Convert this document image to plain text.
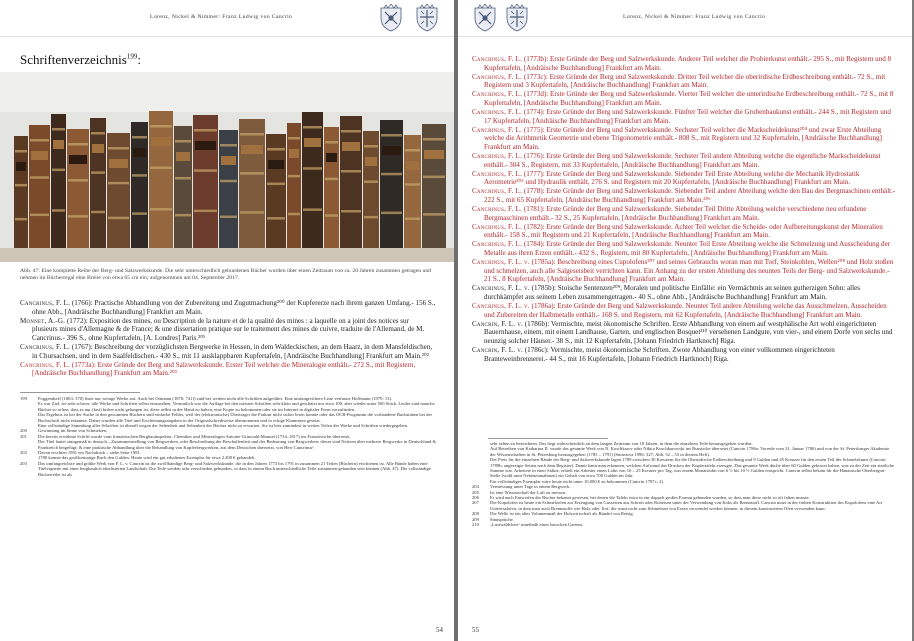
Lorenz, Nickel & Nimmer: Franz Ludwig von Cancrin
Schriftenverzeichnis$^{199}$:
Abb. 47: Eine komplette Reihe der Berg- und Salzwerkskunde. Die sehr unterschiedlich gebundenen Bücher wurden über einen Zeitraum von ca. 20 Jahren zusammen getragen und nehmen im Bücherregal eine Breite von etwa 65 cm ein; aufgenommen am 04. September 2017.

Cancrinus, F. L. (1766): Practische Abhandlung von der Zubereitung und Zugutmachung²⁰⁰ der Kupfererze nach ihrem ganzen Umfang.- 156 S., ohne Abb., [Andräische Buchhandlung] Frankfurt am Main.

Monnet, A.-G. (1772): Exposition des mines, ou Description de la nature et de la qualité des mines : a laquelle on a joint des notices sur plusieurs mines d'Allemagne & de France; & une dissertation pratique sur le traitement des mines de cuivre, traduite de l'Allemand, de M. Cancrinus.- 396 S., ohne Kupfertafeln, [A. Londres] Paris.²⁰¹

Cancrinus, F. L. (1767): Beschreibung der vorzüglichsten Bergwerke in Hessen, in dem Waldeckischen, an dem Haarz, in dem Mansfeldischen, in Chursachsen, und in dem Saalfeldischen.- 430 S., mit 11 ausklappbaren Kupfertafeln, [Andräische Buchhandlung] Frankfurt am Main.²⁰²

Cancrinus, F. L. (1773a): Erste Gründe der Berg und Salzwerkskunde. Erster Teil welcher die Mineralogie enthält.- 272 S., mit Registern, [Andräische Buchhandlung] Frankfurt am Main.²⁰³

199 Poggendorff (1863: 370) listet nur wenige Werke auf. Auch bei Ottmann (1876: 741f) sind bei weitem nicht alle Schriften aufgeführt. Eine umfangreichere Liste verfasste Hoffmann (1979: 13).
Es war Ziel, sie sehr schwer, alle Werke und Schriften selbst einzusehen. Vermutlich war die Auflage bei den meisten Schriften sehr klein und geschätzt nur etwa 100, aber wieder unter 500 Stück. Leider sind manche Bücher so selten, dass es nur (fast) bisher nicht gelungen ist, diese selbst in der Hand zu halten, eine Kopie zu bekommen oder sie im Internet in digitaler Form vorzufinden.
Das Ergebnis ist bei der Suche in den gescannten Büchern sind einfache Fehler, weil der (elektronische) Übertrager die Fraktur nicht sicher lesen konnte oder das OCR-Programm die vorhandene Buchstaben bei der Buchschrift nicht erkannte. Daher wurden alle Titel und Erscheinungsangaben in der Originalschreibweise übernommen und in eckige Klammern gesetzt.
Eine vollständige Sammlung aller Schriften ist überall wegen der Seltenheit und Seltenheit der Bücher nicht zu erwarten. Sie ist hier zumindest in weiten Teilen der Werke und Schriften wiedergegeben.
200 Gewinnung im Sinne von Schmelzen.
201 Die bereits erwähnte Schrift wurde vom französischen Bergbauinspektor, Chemiker und Mineralogen Antoine-Grimoald Monnet (1734–1817) ins Französische übersetzt.
Der Titel lautet sinngemäß in deutsch: „Zusammenstellung von Bergwerken, oder Beschreibung der Beschaffenheit und der Bedeutung von Bergwerken: dieser sind Notizen über mehrere Bergwerke in Deutschland & Frankreich beigefügt; & eine praktische Abhandlung über die Behandlung von Kupferbergwerken, aus dem Deutschen übersetzt, von Herr Cancrinus“.
202 Davon erschien 1981 ein Nachdruck – siehe Seite 1981.
1780 konnte das großformatige Buch den Gulden. Heute wird ein gut erhaltenes Exemplar für etwa 2.200 € gehandelt.
203 Das umfangreichste und größte Werk von F. L. v. Cancrin ist die zwölfbändige Berg- und Salzwerkskunde, die in den Jahren 1773 bis 1791 in zusammen 21 Teilen (Büchern) erschienen ist. Alle Bände haben eine Titelvignette mit einer bergbaulich idealisierten Landschaft. Die Teile werden sehr verschieden gebunden, so dass in einem Buch unterschiedliche Teile zusammen gebunden sein können (Abb. 47). Die vollständige Bücherreihe ist als
54
Lorenz, Nickel & Nimmer: Franz Ludwig von Cancrin

Cancrinus, F. L. (1773b): Erste Gründe der Berg und Salzwerkskunde. Anderer Teil welcher die Probierkunst enthält.- 295 S., mit Registern und 8 Kupfertafeln, [Andräische Buchhandlung] Frankfurt am Main.

Cancrinus, F. L. (1773c): Erste Gründe der Berg und Salzwerkskunde. Dritter Teil welcher die oberirdische Erdbeschreibung enthält.- 72 S., mit Registern und 3 Kupfertafeln, [Andräische Buchhandlung] Frankfurt am Main.

Cancrinus, F. L. (1773d): Erste Gründe der Berg und Salzwerkskunde. Vierter Teil welcher die unterirdische Erdbeschreibung enthält.- 72 S., mit 8 Kupfertafeln, [Andräische Buchhandlung] Frankfurt am Main.

Cancrinus, F. L. (1774): Erste Gründe der Berg und Salzwerkskunde. Fünfter Teil welcher die Grubenbaukunst enthält.- 244 S., mit Registern und 17 Kupfertafeln, [Andräische Buchhandlung] Frankfurt am Main.

Cancrinus, F. L. (1775): Erste Gründe der Berg und Salzwerkskunde. Sechster Teil welcher die Markscheidekunst²⁰⁴ und zwar Erste Abteilung welche die Arithmetik Geometrie und ebene Trigonometrie enthält.- 808 S., mit Registern und 32 Kupfertafeln, [Andräische Buchhandlung] Frankfurt am Main.

Cancrinus, F. L. (1776): Erste Gründe der Berg und Salzwerkskunde. Sechster Teil andere Abteilung welche die eigentliche Markscheidekunst enthält.- 304 S., Registern, mit 33 Kupfertafeln, [Andräische Buchhandlung] Frankfurt am Main.

Cancrinus, F. L. (1777): Erste Gründe der Berg und Salzwerkskunde. Siebender Teil Erste Abteilung welche die Mechanik Hydrostatik Aerometrie²⁰⁵ und Hydraulik enthält, 276 S. und Registern mit 20 Kupfertafeln, [Andräische Buchhandlung] Frankfurt am Main.

Cancrinus, F. L. (1778): Erste Gründe der Berg und Salzwerkskunde. Siebender Teil andere Abteilung welche den Bau des Bergmaschinen enthält.- 222 S., mit 65 Kupfertafeln, [Andräische Buchhandlung] Frankfurt am Main.²⁰⁶

Cancrinus, F. L. (1781): Erste Gründe der Berg und Salzwerkskunde. Siebender Teil Dritte Abteilung welche verschiedene neu erfundene Bergmaschinen enthält.- 32 S., 25 Kupfertafeln, [Andräische Buchhandlung] Frankfurt am Main.

Cancrinus, F. L. (1782): Erste Gründe der Berg und Salzwerkskunde. Achter Teil welcher die Scheide- oder Aufbereitungskunst der Mineralien enthält.- 158 S., mit Registern und 21 Kupfertafeln, [Andräische Buchhandlung] Frankfurt am Main.

Cancrinus, F. L. (1784): Erste Gründe der Berg und Salzwerkskunde. Neunter Teil Erste Abteilung welche die Schmelzung und Ausscheidung der Metalle aus ihren Erzen enthält.- 432 S., Registern, mit 80 Kupfertafeln, [Andräische Buchhandlung] Frankfurt am Main.

Cancrinus, F. L. v. (1785a): Beschreibung eines Cupolofens²⁰⁷ und seines Gebrauchs woran man mit Torf, Steinkohlen, Wellen²⁰⁸ und Holz stoßen und schmelzen, auch alle Salgeseisbeit verrichten kann. Ein Anhang zu der ersten Abteilung des neunten Teils der Berg- und Salzwerkskunde.- 21 S., 8 Kupfertafeln, [Andräische Buchhandlung] Frankfurt am Main.

Cancrinus, F. L. v. (1785b): Stoische Sentenzen²⁰⁹, Moralen und politische Einfälle: ein Vermächtnis an seinen gutherzigen Sohn: alles durchkämpfet aus seinem Leben zusammengetragen.- 40 S., ohne Abb., [Andräische Buchhandlung] Frankfurt am Main.

Cancrinus, F. L. v. (1786a): Erste Gründe der Berg und Salzwerkskunde. Neunter Teil andere Abteilung welche das Ausschmelzen, Ausscheiden und Zubereiten der Halbmetalle enthält.- 168 S. und Registern, mit 62 Kupfertafeln, [Andräische Buchhandlung] Frankfurt am Main.

Cancrin, F. L. v. (1786b): Vermischte, meist ökonomische Schriften. Erste Abhandlung von einem auf westphälische Art wohl eingerichteten Bauernhause, einem, mit einem Landhause, Garten, und englischen Bosquet²¹⁰ versehenen Landgute, von vier-, und einem Dorfe von sechs und neunzig solcher Häuser.- 38 S., mit 12 Kupfertafeln, [Johann Friedrich Hartknoch] Riga.

Cancrin, F. L. v. (1786c): Vermischte, meist ökonomische Schriften. Zwote Abhandlung von einer vollkommen eingerichteten Branteweinbrennerei.- 44 S., mit 16 Kupfertafeln, [Johann Friedrich Hartknoch] Riga.

sehr selten zu bezeichnen. Das liegt wahrscheinlich an dem langen Zeitraum von 18 Jahren, in dem die einzelnen Teile herausgegeben wurden.
Auf Betreiben von Katharina II. wurde das gesamte Werk von N. Koschkarov oder Nikita Koschkarowski ins Russische übersetzt (Cancrin 1786a: Vorrede vom 31. Januar 1786) und von der St. Petersburger Akademie der Wissenschaften in St. Petersburg herausgegeben (1785 – 1791) (Smirnova 1996: 327; Abb. 52 – 53 in diesem Heft).
Der Preis für die einzelnen Bände der Berg- und Salzwerkskunde lagen 1789 zwischen 30 Kreuzern für die Oberirdische Erdbeschreibung und 9 Gulden und 45 Kreuzer für den ersten Teil der Schmelzkunst (Cancrin 1789b: angezeigte Seiten nach dem Register). Damit kann man erkennen, welchen Aufwand das Drucken der Kupfertafeln erzeugte. Das gesamte Werk dürfte über 60 Gulden gekostet haben, was zu der Zeit ein stattliche Summe war. Arbeitete in einer Saline, erhielt ein Arbeiter einen Lohn von 16 – 25 Kreuzer pro Tag, was einem Monatslohn von 6 ½ bis 10 ½ Gulden entspricht. Cancrin selbst bekam für die Hanauische Oberbergrat-Stelle (wohl samt Nebeneinnahmen) ein Gehalt von etwa 700 Gulden im Jahr.
Ein vollständiges Exemplar wäre heute nicht unter 10.000 € zu bekommen (Cancrin 1787c: 2).
204 Vermessung unter Tage in einem Bergwerk.
205 Ist eine Wissenschaft der Luft zu messen.
206 Er wird auch Entwerfen der Bücher bekannt gewesen, bei denen die Tafeln extra in ein doppelt großes Format gebunden wurden, so dass man diese nicht so oft falten musste.
207 Der Kupolofen ist heute ein Schmelzofen zur Erzeugung von Gusseisen aus Schrott oder Roheisen unter der Verwendung von Koks als Brennstoff. Cancrin nutzt in der frühen Konstruktion des Kupolofens eine Art Universalofen, in dem man auch Brennstoffe wie Holz oder Torf, die sonst nicht zum Schmelzen von Erzen verwendet werden können, in diesem konstruierten Ofen verwenden kann.
208 Die Welle ist ein altes Volumenmaß der Holzwirtschaft als Bündel von Reisig.
209 Sinnsprüche.
210 „Lustwäldchen“ innerhalb eines barocken Gartens.
55
